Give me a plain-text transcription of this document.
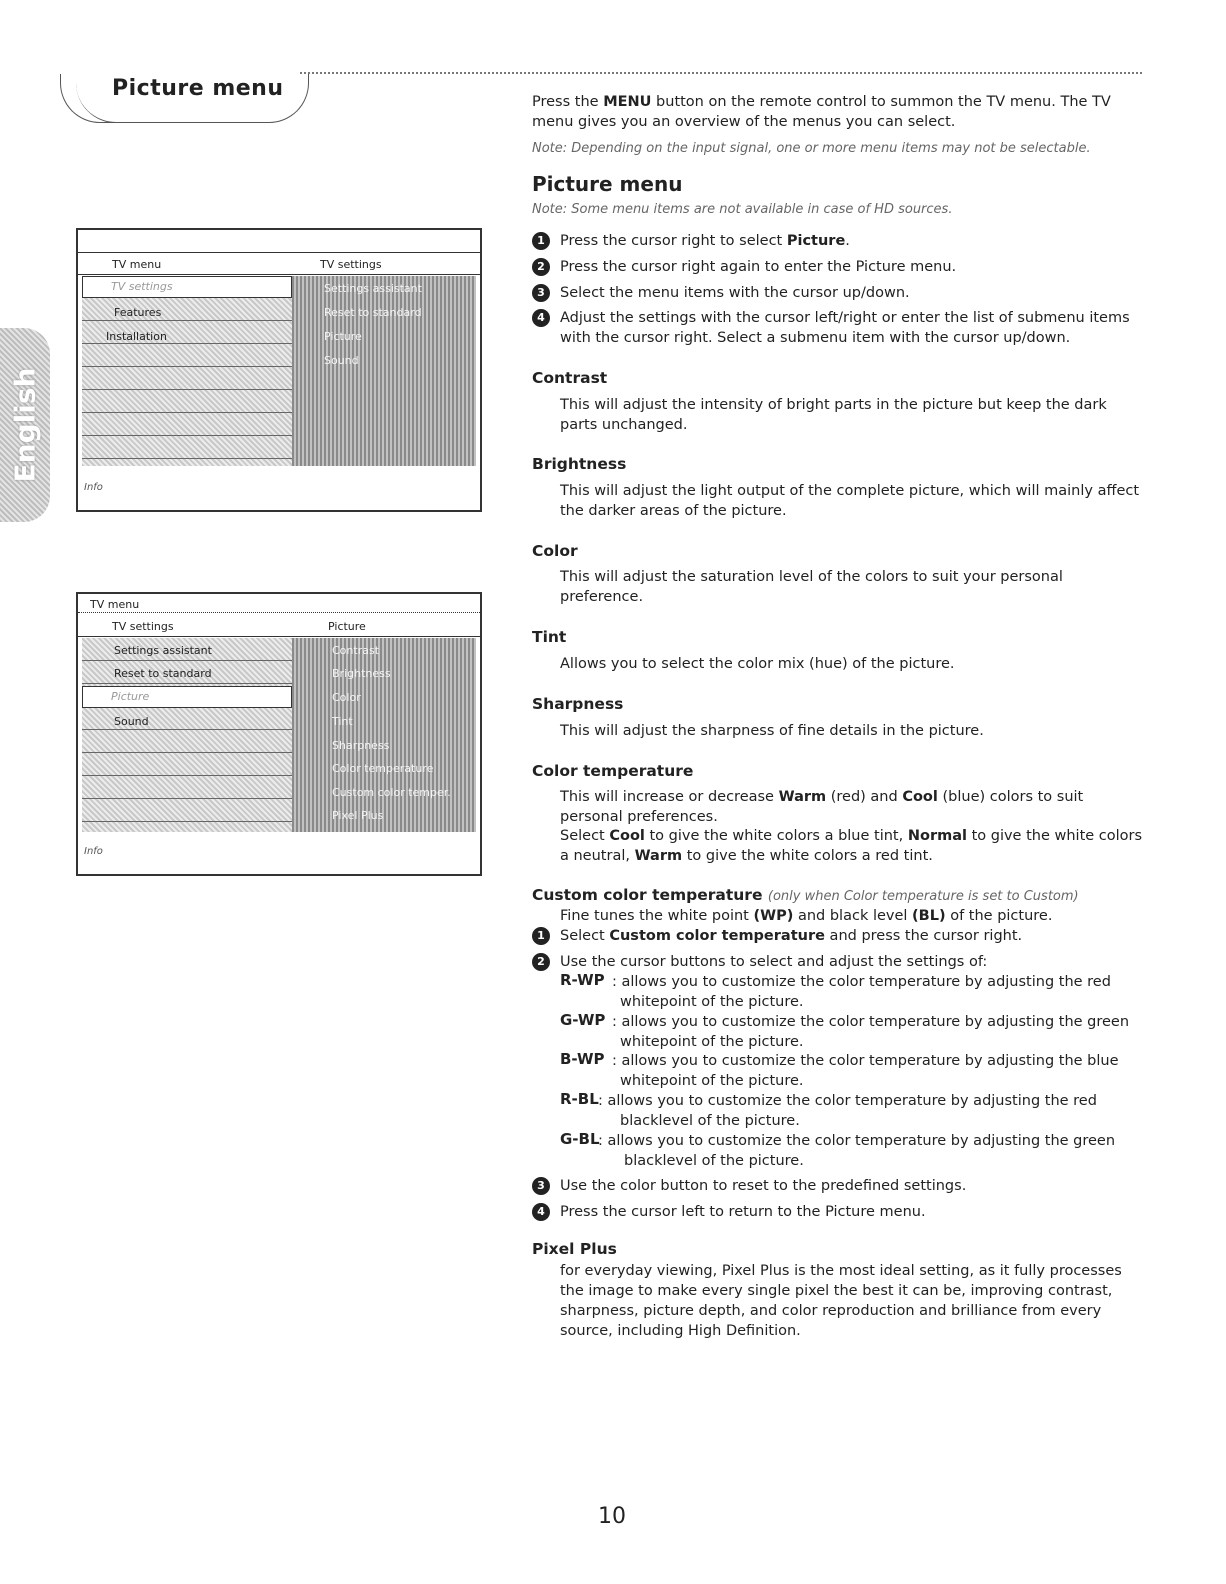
Picture menu
English
TV menu	TV settings
TV settings
Features
Installation
Settings assistant
Reset to standard
Picture
Sound
Info
TV menu
TV settings	Picture
Settings assistant
Reset to standard
Picture
Sound
Contrast
Brightness
Color
Tint
Sharpness
Color temperature
Custom color temper.
Pixel Plus
Info
Press the MENU button on the remote control to summon the TV menu. The TV menu gives you an overview of the menus you can select.
Note: Depending on the input signal, one or more menu items may not be selectable.
Picture menu
Note: Some menu items are not available in case of HD sources.
1	Press the cursor right to select Picture.
2	Press the cursor right again to enter the Picture menu.
3	Select the menu items with the cursor up/down.
4	Adjust the settings with the cursor left/right or enter the list of submenu items with the cursor right. Select a submenu item with the cursor up/down.
Contrast
This will adjust the intensity of bright parts in the picture but keep the dark parts unchanged.
Brightness
This will adjust the light output of the complete picture, which will mainly affect the darker areas of the picture.
Color
This will adjust the saturation level of the colors to suit your personal preference.
Tint
Allows you to select the color mix (hue) of the picture.
Sharpness
This will adjust the sharpness of fine details in the picture.
Color temperature
This will increase or decrease Warm (red) and Cool (blue) colors to suit personal preferences.
Select Cool to give the white colors a blue tint, Normal to give the white colors a neutral, Warm to give the white colors a red tint.
Custom color temperature (only when Color temperature is set to Custom)
Fine tunes the white point (WP) and black level (BL) of the picture.
1	Select Custom color temperature and press the cursor right.
2	Use the cursor buttons to select and adjust the settings of:
R-WP : allows you to customize the color temperature by adjusting the red
whitepoint of the picture.
G-WP : allows you to customize the color temperature by adjusting the green
whitepoint of the picture.
B-WP : allows you to customize the color temperature by adjusting the blue
whitepoint of the picture.
R-BL : allows you to customize the color temperature by adjusting the red
blacklevel of the picture.
G-BL
: allows you to customize the color temperature by adjusting the green
blacklevel of the picture.
3	Use the color button to reset to the predefined settings.
4	Press the cursor left to return to the Picture menu.
Pixel Plus
for everyday viewing, Pixel Plus is the most ideal setting, as it fully processes the image to make every single pixel the best it can be, improving contrast, sharpness, picture depth, and color reproduction and brilliance from every source, including High Definition.
10
